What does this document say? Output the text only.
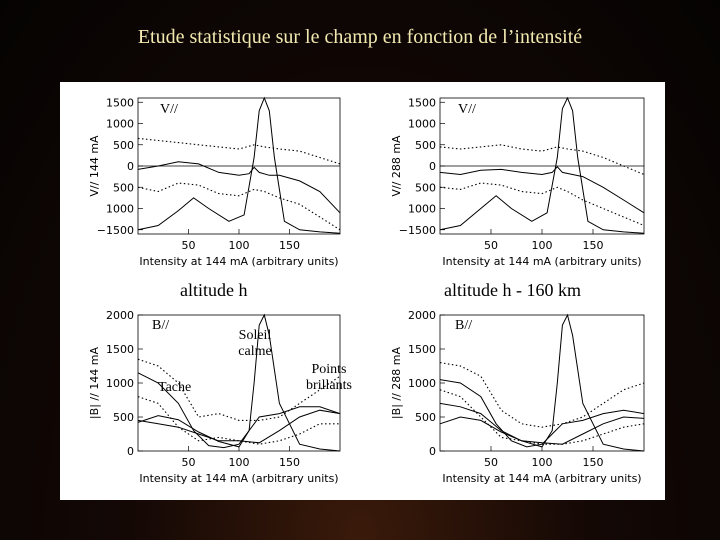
Etude statistique sur le champ en fonction de l’intensité
1500
1000
500
0
500
1000
−1500
50	100	150
Intensity at 144 mA (arbitrary units)
V// 144 mA
1500
1000
500
0
500
1000
−1500
50	100	150
Intensity at 144 mA (arbitrary units)
V// 288 mA
2000
1500
1000
500
0
50	100	150
Intensity at 144 mA (arbitrary units)
|B| // 144 mA
2000
1500
1000
500
0
50	100	150
Intensity at 144 mA (arbitrary units)
|B| // 288 mA
V//	V//
altitude h	altitude h - 160 km
B//	B//
Soleil
calme
Tache
Points
brillants
